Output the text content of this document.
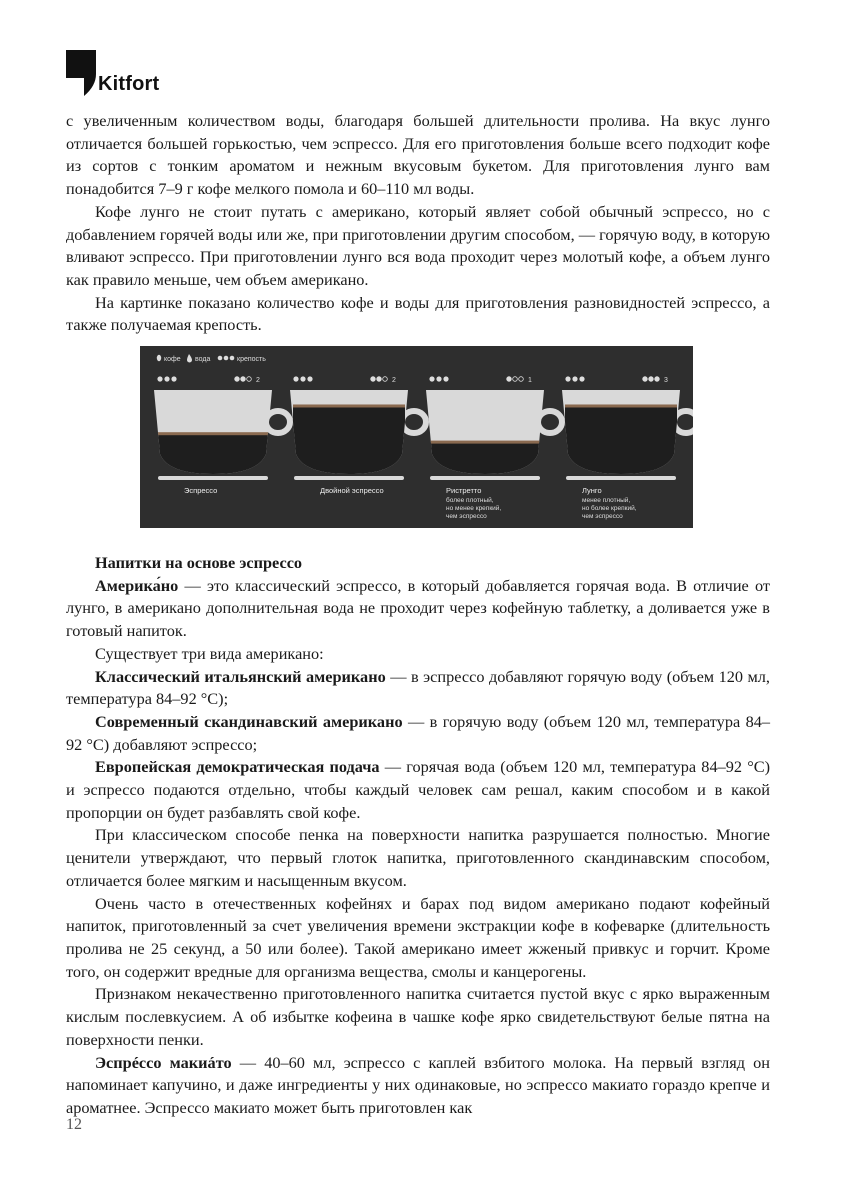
Kitfort

с увеличенным количеством воды, благодаря большей длительности пролива. На вкус лунго отличается большей горькостью, чем эспрессо. Для его приготовления больше всего подходит кофе из сортов с тонким ароматом и нежным вкусовым букетом. Для приготовления лунго вам понадобится 7–9 г кофе мелкого помола и 60–110 мл воды.

Кофе лунго не стоит путать с американо, который являет собой обычный эспрессо, но с добавлением горячей воды или же, при приготовлении другим способом, — горячую воду, в которую вливают эспрессо. При приготовлении лунго вся вода проходит через молотый кофе, а объем лунго как правило меньше, чем объем американо.

На картинке показано количество кофе и воды для приготовления разновидностей эспрессо, а также получаемая крепость.

кофе вода	крепость
2
Эспрессо
2
Двойной эспрессо
1
Ристретто
более плотный,
но менее крепкий,
чем эспрессо
3
Лунго
менее плотный,
но более крепкий,
чем эспрессо

Напитки на основе эспрессо

Америка́но — это классический эспрессо, в который добавляется горячая вода. В отличие от лунго, в американо дополнительная вода не проходит через кофейную таблетку, а доливается уже в готовый напиток.

Существует три вида американо:

Классический итальянский американо — в эспрессо добавляют горячую воду (объем 120 мл, температура 84–92 °C);

Современный скандинавский американо — в горячую воду (объем 120 мл, температура 84–92 °C) добавляют эспрессо;

Европейская демократическая подача — горячая вода (объем 120 мл, температура 84–92 °C) и эспрессо подаются отдельно, чтобы каждый человек сам решал, каким способом и в какой пропорции он будет разбавлять свой кофе.

При классическом способе пенка на поверхности напитка разрушается полностью. Многие ценители утверждают, что первый глоток напитка, приготовленного скандинавским способом, отличается более мягким и насыщенным вкусом.

Очень часто в отечественных кофейнях и барах под видом американо подают кофейный напиток, приготовленный за счет увеличения времени экстракции кофе в кофеварке (длительность пролива не 25 секунд, а 50 или более). Такой американо имеет жженый привкус и горчит. Кроме того, он содержит вредные для организма вещества, смолы и канцерогены.

Признаком некачественно приготовленного напитка считается пустой вкус с ярко выраженным кислым послевкусием. А об избытке кофеина в чашке кофе ярко свидетельствуют белые пятна на поверхности пенки.

Эспрéссо макиáто — 40–60 мл, эспрессо с каплей взбитого молока. На первый взгляд он напоминает капучино, и даже ингредиенты у них одинаковые, но эспрессо макиато гораздо крепче и ароматнее. Эспрессо макиато может быть приготовлен как

12
